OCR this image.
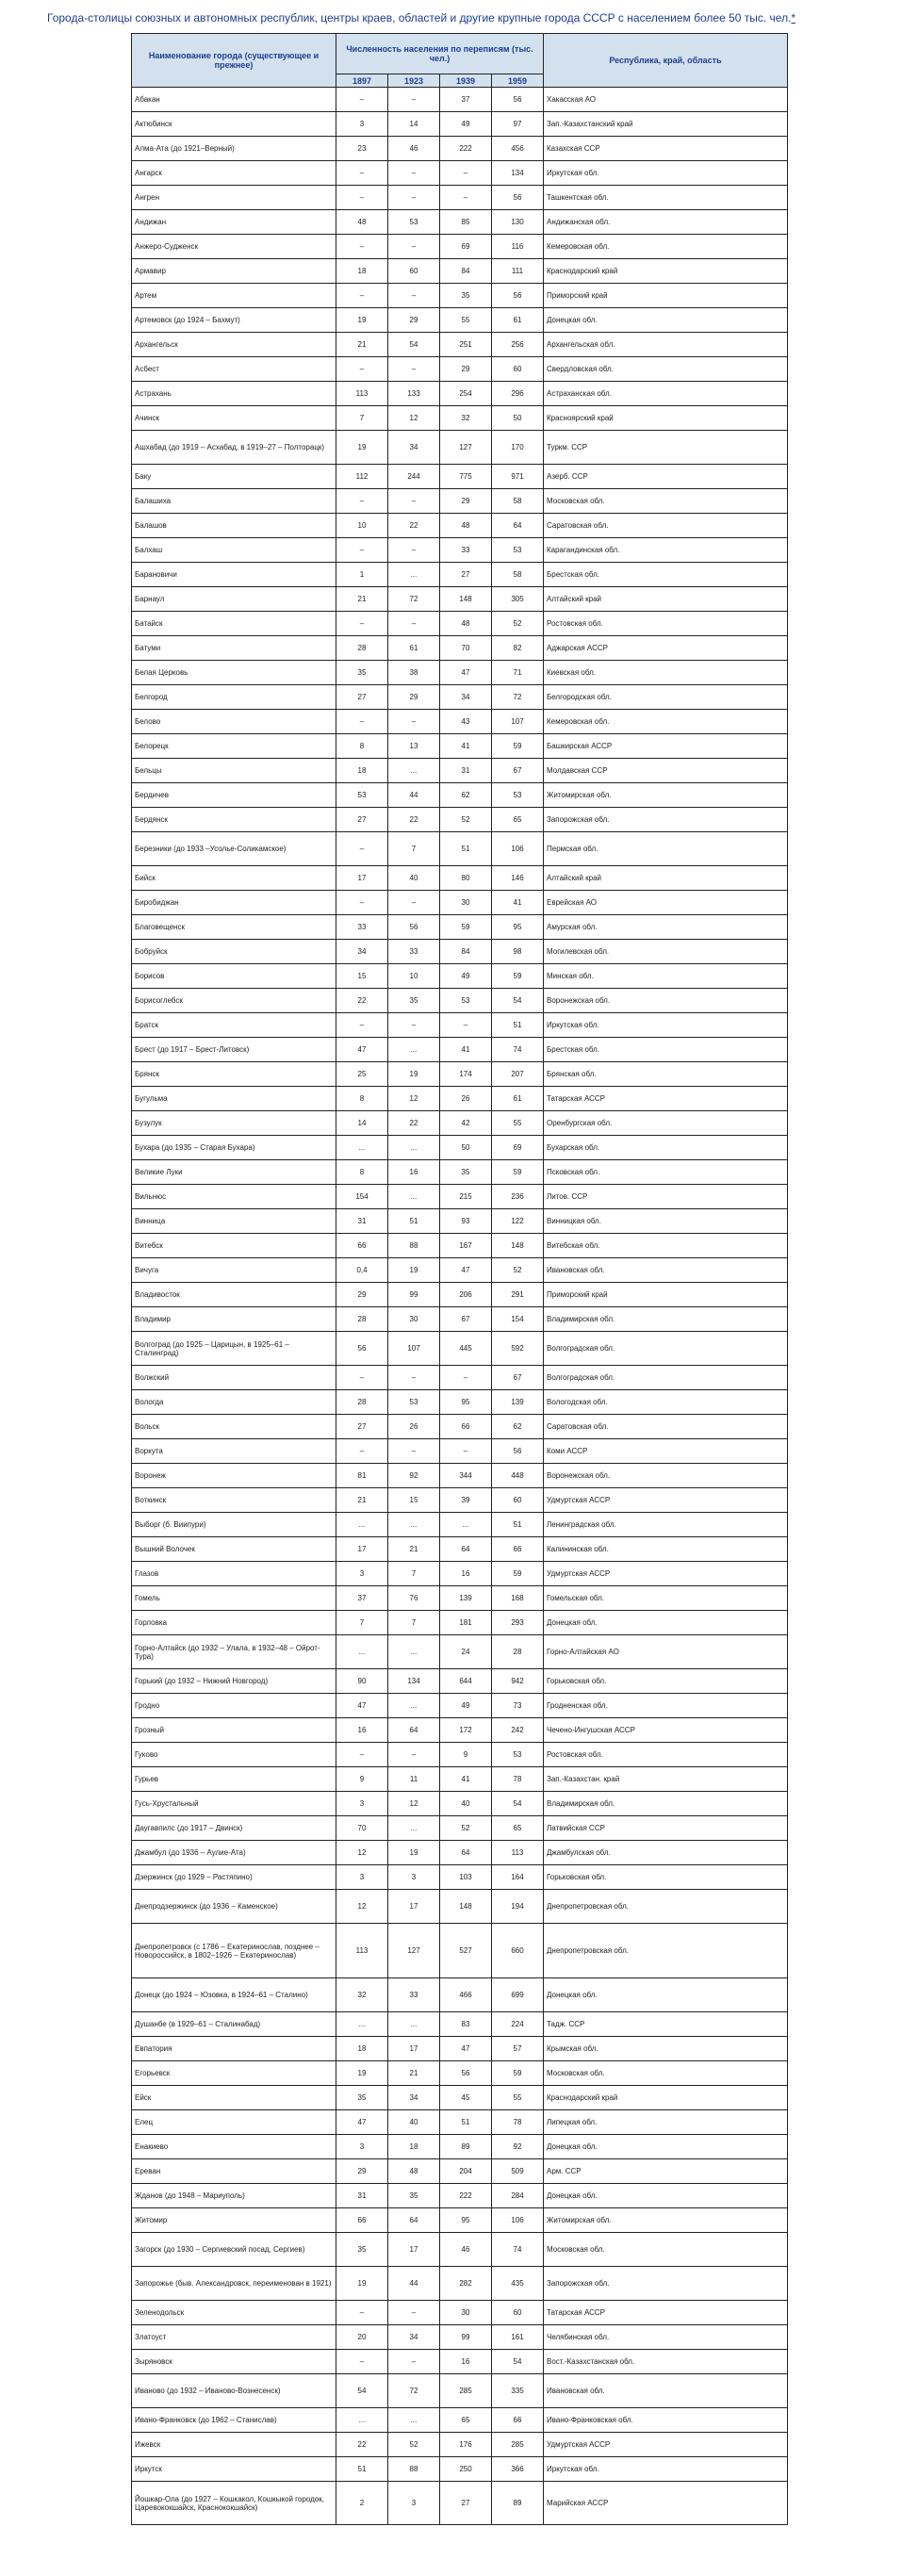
Города-столицы союзных и автономных республик, центры краев, областей и другие крупные города СССР с населением более 50 тыс. чел.*
Наименование города (существующее и прежнее)	Численность населения по переписям (тыс. чел.)				Республика, край, область
	1897	1923	1939	1959	
Абакан	–	–	37	56	Хакасская АО
Актюбинск	3	14	49	97	Зап.-Казахстанский край
Алма-Ата (до 1921–Верный)	23	46	222	456	Казахская ССР
Ангарск	–	–	–	134	Иркутская обл.
Ангрен	–	–	–	56	Ташкентская обл.
Андижан	48	53	85	130	Андижанская обл.
Анжеро-Судженск	–	–	69	116	Кемеровская обл.
Армавир	18	60	84	111	Краснодарский край
Артем	–	–	35	56	Приморский край
Артемовск (до 1924 – Бахмут)	19	29	55	61	Донецкая обл.
Архангельск	21	54	251	256	Архангельская обл.
Асбест	–	–	29	60	Свердловская обл.
Астрахань	113	133	254	296	Астраханская обл.
Ачинск	7	12	32	50	Красноярский край
Ашхабад (до 1919 – Асхабад, в 1919–27 – Полторацк)	19	34	127	170	Туркм. ССР
Баку	112	244	775	971	Азерб. ССР
Балашиха	–	–	29	58	Московская обл.
Балашов	10	22	48	64	Саратовская обл.
Балхаш	–	–	33	53	Карагандинская обл.
Барановичи	1	...	27	58	Брестская обл.
Барнаул	21	72	148	305	Алтайский край
Батайск	–	–	48	52	Ростовская обл.
Батуми	28	61	70	82	Аджарская АССР
Белая Церковь	35	38	47	71	Киевская обл.
Белгород	27	29	34	72	Белгородская обл.
Белово	–	–	43	107	Кемеровская обл.
Белорецк	8	13	41	59	Башкирская АССР
Бельцы	18	...	31	67	Молдавская ССР
Бердичев	53	44	62	53	Житомирская обл.
Бердянск	27	22	52	65	Запорожская обл.
Березники (до 1933 –Усолье-Соликамское)	–	7	51	106	Пермская обл.
Бийск	17	40	80	146	Алтайский край
Биробиджан	–	–	30	41	Еврейская АО
Благовещенск	33	56	59	95	Амурская обл.
Бобруйск	34	33	84	98	Могилевская обл.
Борисов	15	10	49	59	Минская обл.
Борисоглебск	22	35	53	54	Воронежская обл.
Братск	–	–	–	51	Иркутская обл.
Брест (до 1917 – Брест-Литовск)	47	...	41	74	Брестская обл.
Брянск	25	19	174	207	Брянская обл.
Бугульма	8	12	26	61	Татарская АССР
Бузулук	14	22	42	55	Оренбургская обл.
Бухара (до 1935 – Старая Бухара)	...	...	50	69	Бухарская обл.
Великие Луки	8	16	35	59	Псковская обл.
Вильнюс	154	...	215	236	Литов. ССР
Винница	31	51	93	122	Винницкая обл.
Витебск	66	88	167	148	Витебская обл.
Вичуга	0,4	19	47	52	Ивановская обл.
Владивосток	29	99	206	291	Приморский край
Владимир	28	30	67	154	Владимирская обл.
Волгоград (до 1925 – Царицын, в 1925–61 – Сталинград)	56	107	445	592	Волгоградская обл.
Волжский	–	–	–	67	Волгоградская обл.
Вологда	28	53	95	139	Вологодская обл.
Вольск	27	26	66	62	Саратовская обл.
Воркута	–	–	–	56	Коми АССР
Воронеж	81	92	344	448	Воронежская обл.
Воткинск	21	15	39	60	Удмуртская АССР
Выборг (б. Виипури)	...	...	...	51	Ленинградская обл.
Вышний Волочек	17	21	64	66	Калининская обл.
Глазов	3	7	16	59	Удмуртская АССР
Гомель	37	76	139	168	Гомельская обл.
Горловка	7	7	181	293	Донецкая обл.
Горно-Алтайск (до 1932 – Улала, в 1932–48 – Ойрот-Тура)	...	...	24	28	Горно-Алтайская АО
Горький (до 1932 – Нижний Новгород)	90	134	644	942	Горьковская обл.
Гродно	47	...	49	73	Гродненская обл.
Грозный	16	64	172	242	Чечено-Ингушская АССР
Гуково	–	–	9	53	Ростовская обл.
Гурьев	9	11	41	78	Зап.-Казахстан. край
Гусь-Хрустальный	3	12	40	54	Владимирская обл.
Даугавпилс (до 1917 – Двинск)	70	...	52	65	Латвийская ССР
Джамбул (до 1936 – Аулие-Ата)	12	19	64	113	Джамбулская обл.
Дзержинск (до 1929 – Растяпино)	3	3	103	164	Горьковская обл.
Днепродзержинск (до 1936 – Каменское)	12	17	148	194	Днепропетровская обл.
Днепропетровск (с 1786 – Екатеринослав, позднее – Новороссийск, в 1802–1926 – Екатеринослав)	113	127	527	660	Днепропетровская обл.
Донецк (до 1924 – Юзовка, в 1924–61 – Сталино)	32	33	466	699	Донецкая обл.
Душанбе (в 1929–61 – Сталинабад)	...	...	83	224	Тадж. ССР
Евпатория	18	17	47	57	Крымская обл.
Егорьевск	19	21	56	59	Московская обл.
Ейск	35	34	45	55	Краснодарский край
Елец	47	40	51	78	Липецкая обл.
Енакиево	3	18	89	92	Донецкая обл.
Ереван	29	48	204	509	Арм. ССР
Жданов (до 1948 – Мариуполь)	31	35	222	284	Донецкая обл.
Житомир	66	64	95	106	Житомирская обл.
Загорск (до 1930 – Сергиевский посад, Сергиев)	35	17	46	74	Московская обл.
Запорожье (быв. Александровск, переименован в 1921)	19	44	282	435	Запорожская обл.
Зеленодольск	–	–	30	60	Татарская АССР
Златоуст	20	34	99	161	Челябинская обл.
Зыряновск	–	–	16	54	Вост.-Казахстанская обл.
Иваново (до 1932 – Иваново-Вознесенск)	54	72	285	335	Ивановская обл.
Ивано-Франковск (до 1962 – Станислав)	...	...	65	66	Ивано-Франковская обл.
Ижевск	22	52	176	285	Удмуртская АССР
Иркутск	51	88	250	366	Иркутская обл.
Йошкар-Ола (до 1927 – Кошкакол, Кошкыкой городок, Царевококшайск, Краснококшайск)	2	3	27	89	Марийская АССР
